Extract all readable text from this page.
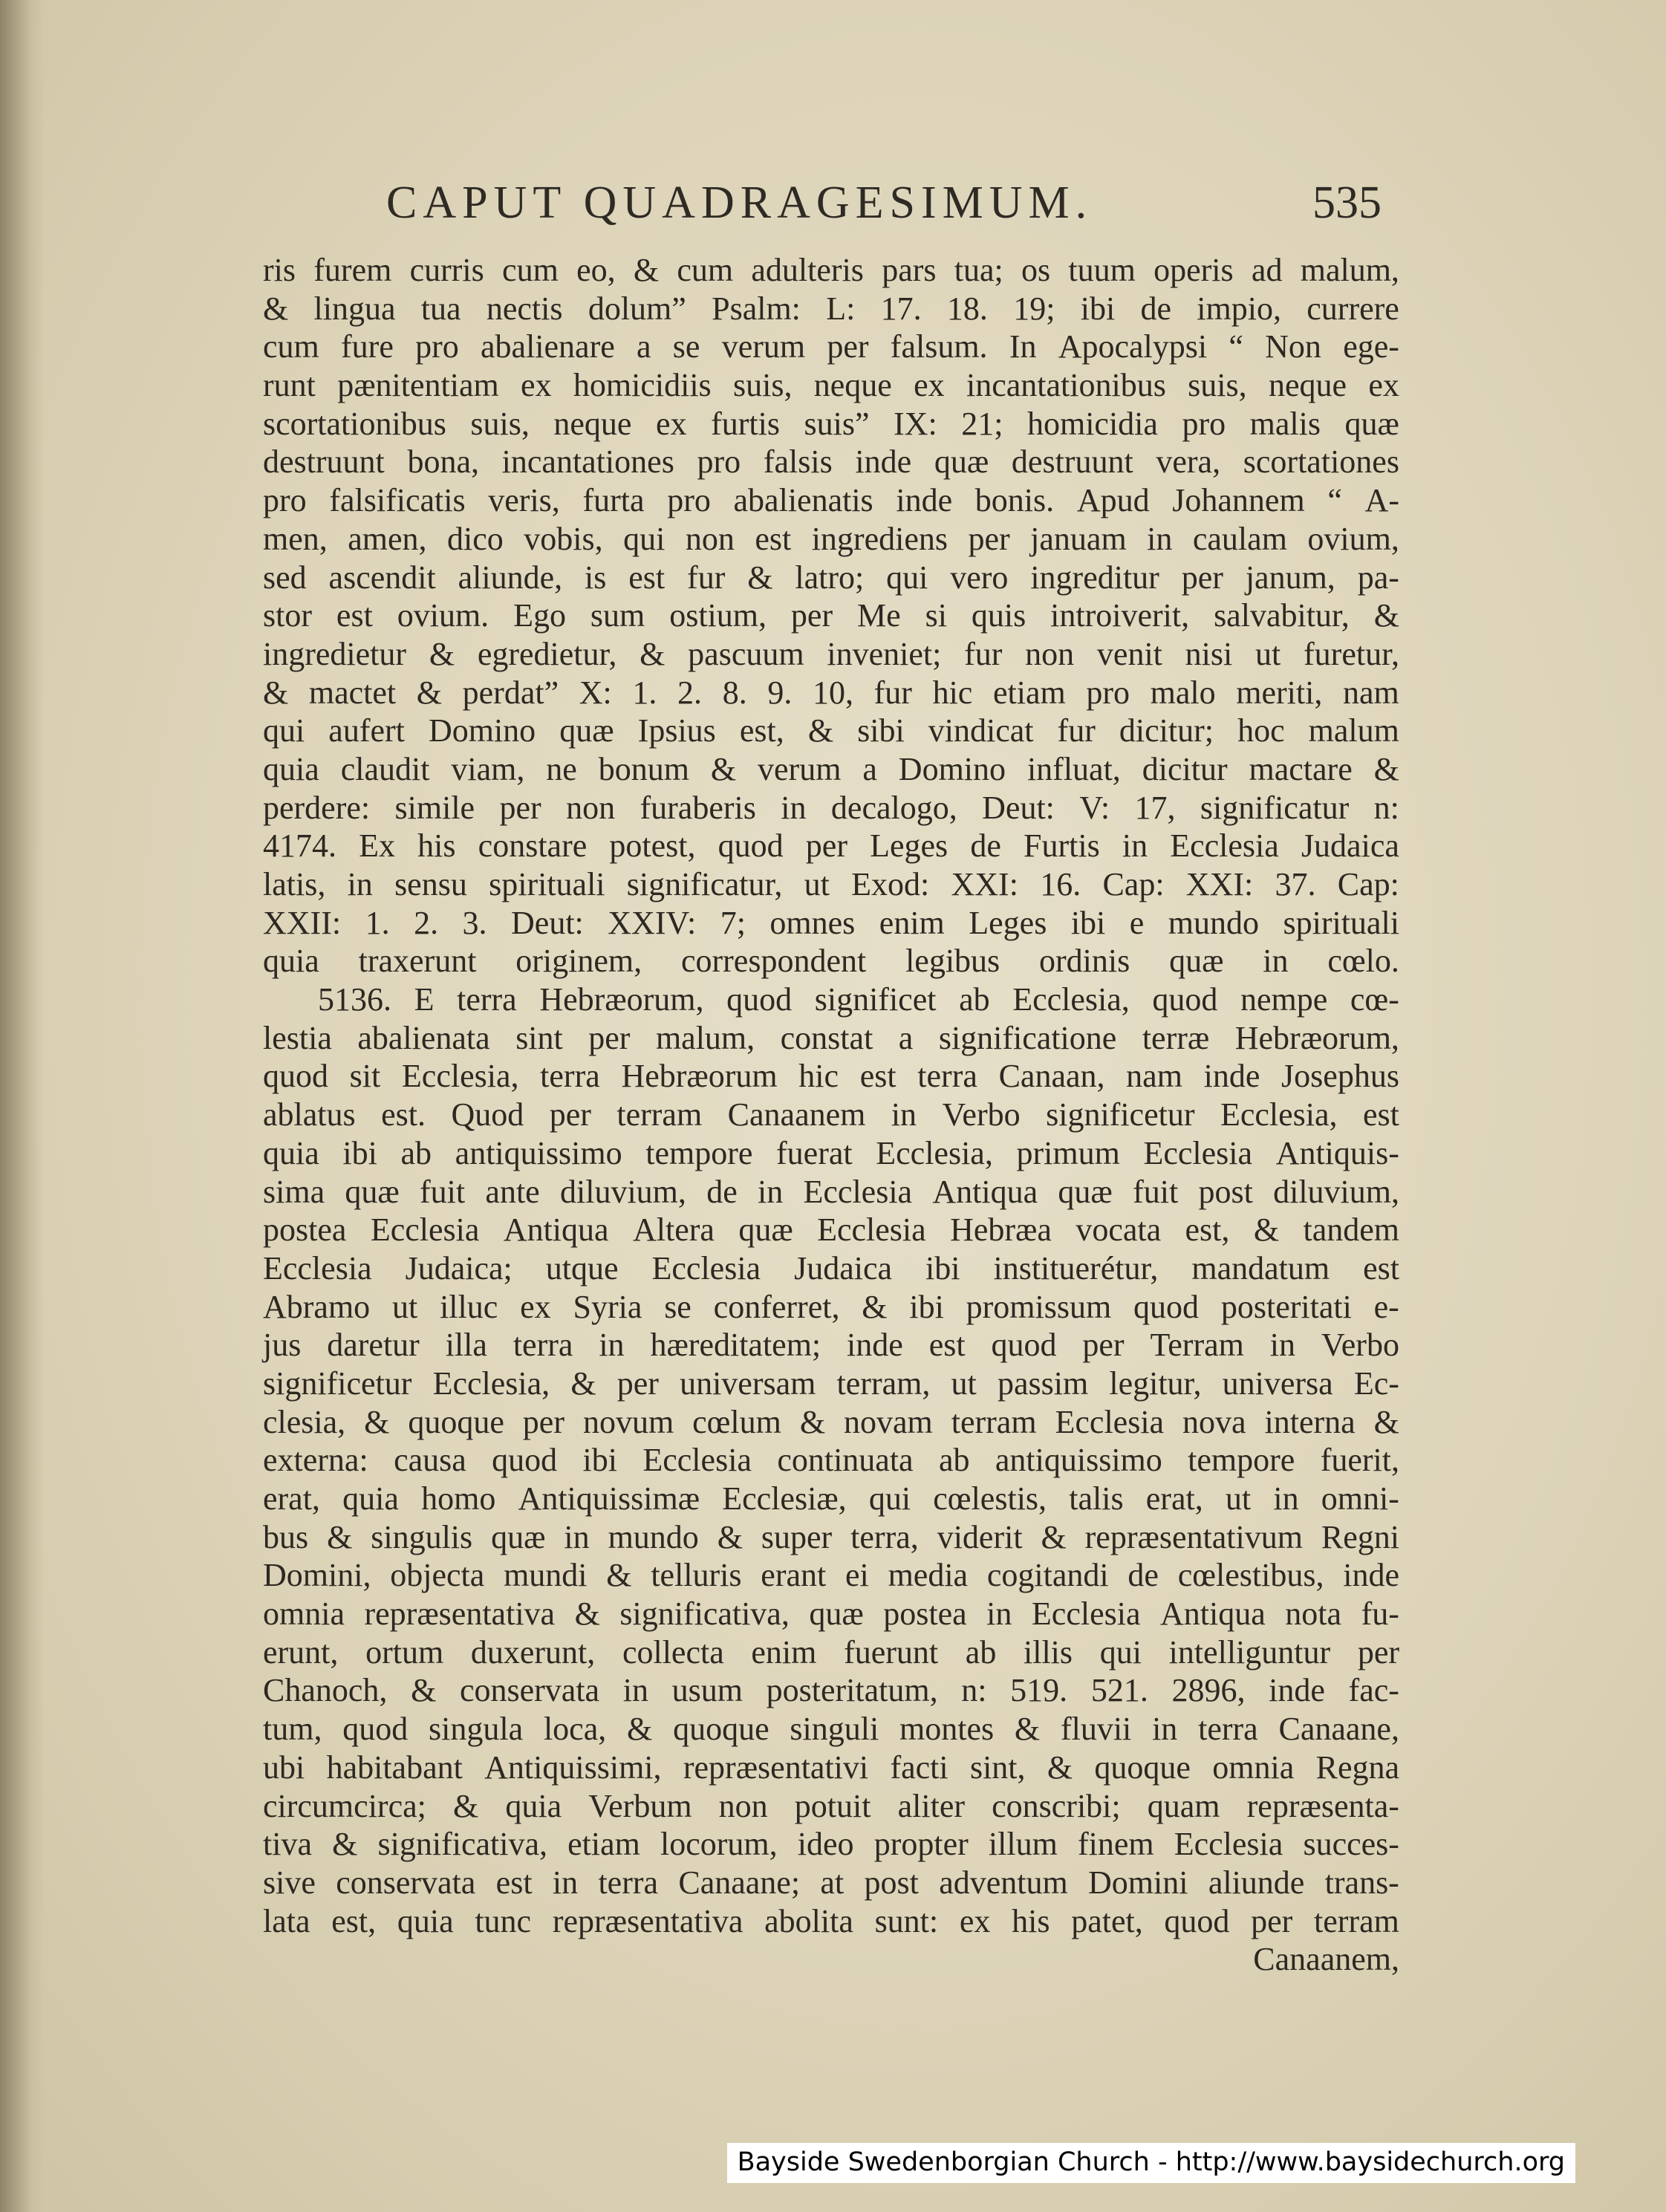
CAPUT QUADRAGESIMUM.	535
ris furem curris cum eo, & cum adulteris pars tua; os tuum operis ad malum,
& lingua tua nectis dolum” Psalm: L: 17. 18. 19; ibi de impio, currere
cum fure pro abalienare a se verum per falsum. In Apocalypsi “ Non ege-
runt pænitentiam ex homicidiis suis, neque ex incantationibus suis, neque ex
scortationibus suis, neque ex furtis suis” IX: 21; homicidia pro malis quæ
destruunt bona, incantationes pro falsis inde quæ destruunt vera, scortationes
pro falsificatis veris, furta pro abalienatis inde bonis. Apud Johannem “ A-
men, amen, dico vobis, qui non est ingrediens per januam in caulam ovium,
sed ascendit aliunde, is est fur & latro; qui vero ingreditur per janum, pa-
stor est ovium. Ego sum ostium, per Me si quis introiverit, salvabitur, &
ingredietur & egredietur, & pascuum inveniet; fur non venit nisi ut furetur,
& mactet & perdat” X: 1. 2. 8. 9. 10, fur hic etiam pro malo meriti, nam
qui aufert Domino quæ Ipsius est, & sibi vindicat fur dicitur; hoc malum
quia claudit viam, ne bonum & verum a Domino influat, dicitur mactare &
perdere: simile per non furaberis in decalogo, Deut: V: 17, significatur n:
4174. Ex his constare potest, quod per Leges de Furtis in Ecclesia Judaica
latis, in sensu spirituali significatur, ut Exod: XXI: 16. Cap: XXI: 37. Cap:
XXII: 1. 2. 3. Deut: XXIV: 7; omnes enim Leges ibi e mundo spirituali
quia traxerunt originem, correspondent legibus ordinis quæ in cœlo.
5136. E terra Hebræorum, quod significet ab Ecclesia, quod nempe cœ-
lestia abalienata sint per malum, constat a significatione terræ Hebræorum,
quod sit Ecclesia, terra Hebræorum hic est terra Canaan, nam inde Josephus
ablatus est. Quod per terram Canaanem in Verbo significetur Ecclesia, est
quia ibi ab antiquissimo tempore fuerat Ecclesia, primum Ecclesia Antiquis-
sima quæ fuit ante diluvium, de in Ecclesia Antiqua quæ fuit post diluvium,
postea Ecclesia Antiqua Altera quæ Ecclesia Hebræa vocata est, & tandem
Ecclesia Judaica; utque Ecclesia Judaica ibi instituerétur, mandatum est
Abramo ut illuc ex Syria se conferret, & ibi promissum quod posteritati e-
jus daretur illa terra in hæreditatem; inde est quod per Terram in Verbo
significetur Ecclesia, & per universam terram, ut passim legitur, universa Ec-
clesia, & quoque per novum cœlum & novam terram Ecclesia nova interna &
externa: causa quod ibi Ecclesia continuata ab antiquissimo tempore fuerit,
erat, quia homo Antiquissimæ Ecclesiæ, qui cœlestis, talis erat, ut in omni-
bus & singulis quæ in mundo & super terra, viderit & repræsentativum Regni
Domini, objecta mundi & telluris erant ei media cogitandi de cœlestibus, inde
omnia repræsentativa & significativa, quæ postea in Ecclesia Antiqua nota fu-
erunt, ortum duxerunt, collecta enim fuerunt ab illis qui intelliguntur per
Chanoch, & conservata in usum posteritatum, n: 519. 521. 2896, inde fac-
tum, quod singula loca, & quoque singuli montes & fluvii in terra Canaane,
ubi habitabant Antiquissimi, repræsentativi facti sint, & quoque omnia Regna
circumcirca; & quia Verbum non potuit aliter conscribi; quam repræsenta-
tiva & significativa, etiam locorum, ideo propter illum finem Ecclesia succes-
sive conservata est in terra Canaane; at post adventum Domini aliunde trans-
lata est, quia tunc repræsentativa abolita sunt: ex his patet, quod per terram
Canaanem,
Bayside Swedenborgian Church - http://www.baysidechurch.org
